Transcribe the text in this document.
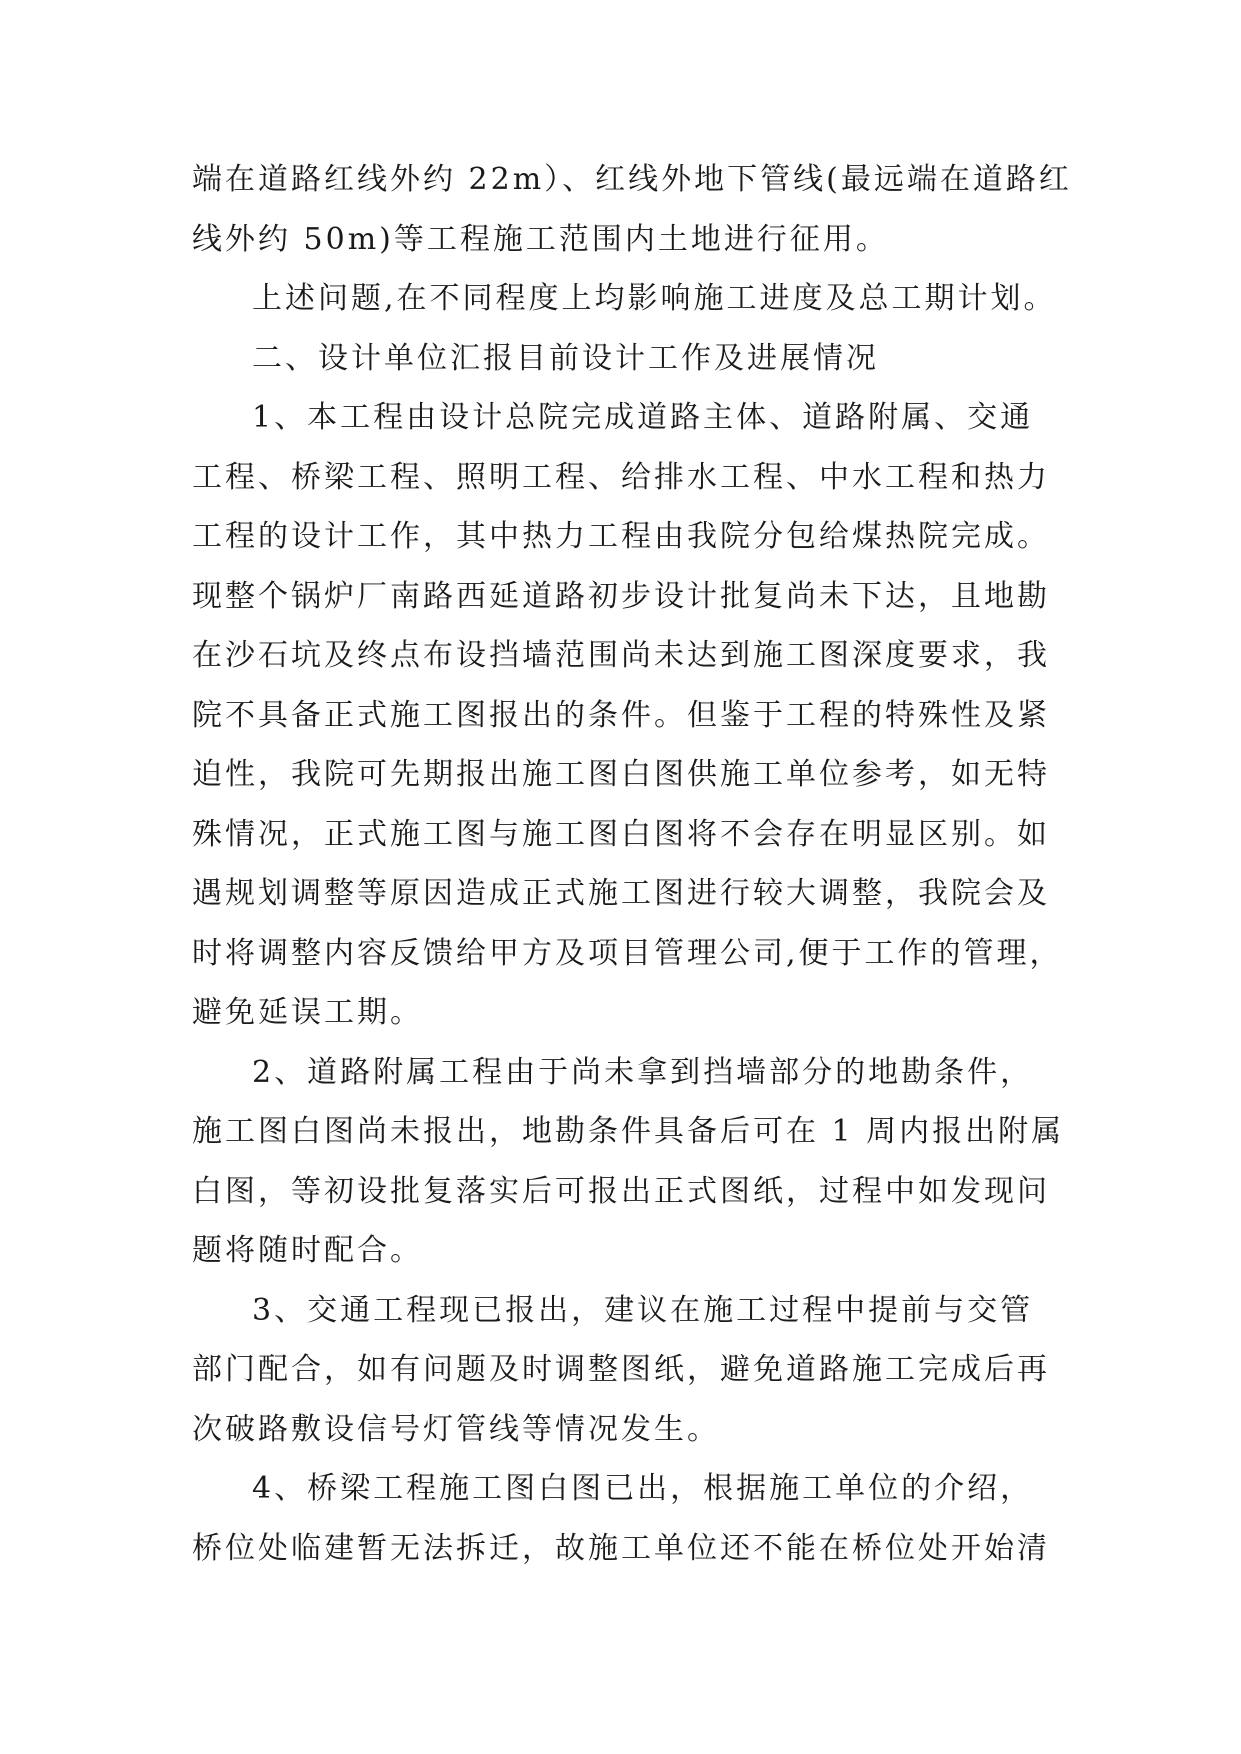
端在道路红线外约 22m）、红线外地下管线(最远端在道路红

线外约 50m)等工程施工范围内土地进行征用。

上述问题,在不同程度上均影响施工进度及总工期计划。

二、设计单位汇报目前设计工作及进展情况

1、本工程由设计总院完成道路主体、道路附属、交通

工程、桥梁工程、照明工程、给排水工程、中水工程和热力

工程的设计工作，其中热力工程由我院分包给煤热院完成。

现整个锅炉厂南路西延道路初步设计批复尚未下达，且地勘

在沙石坑及终点布设挡墙范围尚未达到施工图深度要求，我

院不具备正式施工图报出的条件。但鉴于工程的特殊性及紧

迫性，我院可先期报出施工图白图供施工单位参考，如无特

殊情况，正式施工图与施工图白图将不会存在明显区别。如

遇规划调整等原因造成正式施工图进行较大调整，我院会及

时将调整内容反馈给甲方及项目管理公司,便于工作的管理，

避免延误工期。

2、道路附属工程由于尚未拿到挡墙部分的地勘条件，

施工图白图尚未报出，地勘条件具备后可在 1 周内报出附属

白图，等初设批复落实后可报出正式图纸，过程中如发现问

题将随时配合。

3、交通工程现已报出，建议在施工过程中提前与交管

部门配合，如有问题及时调整图纸，避免道路施工完成后再

次破路敷设信号灯管线等情况发生。

4、桥梁工程施工图白图已出，根据施工单位的介绍，

桥位处临建暂无法拆迁，故施工单位还不能在桥位处开始清
